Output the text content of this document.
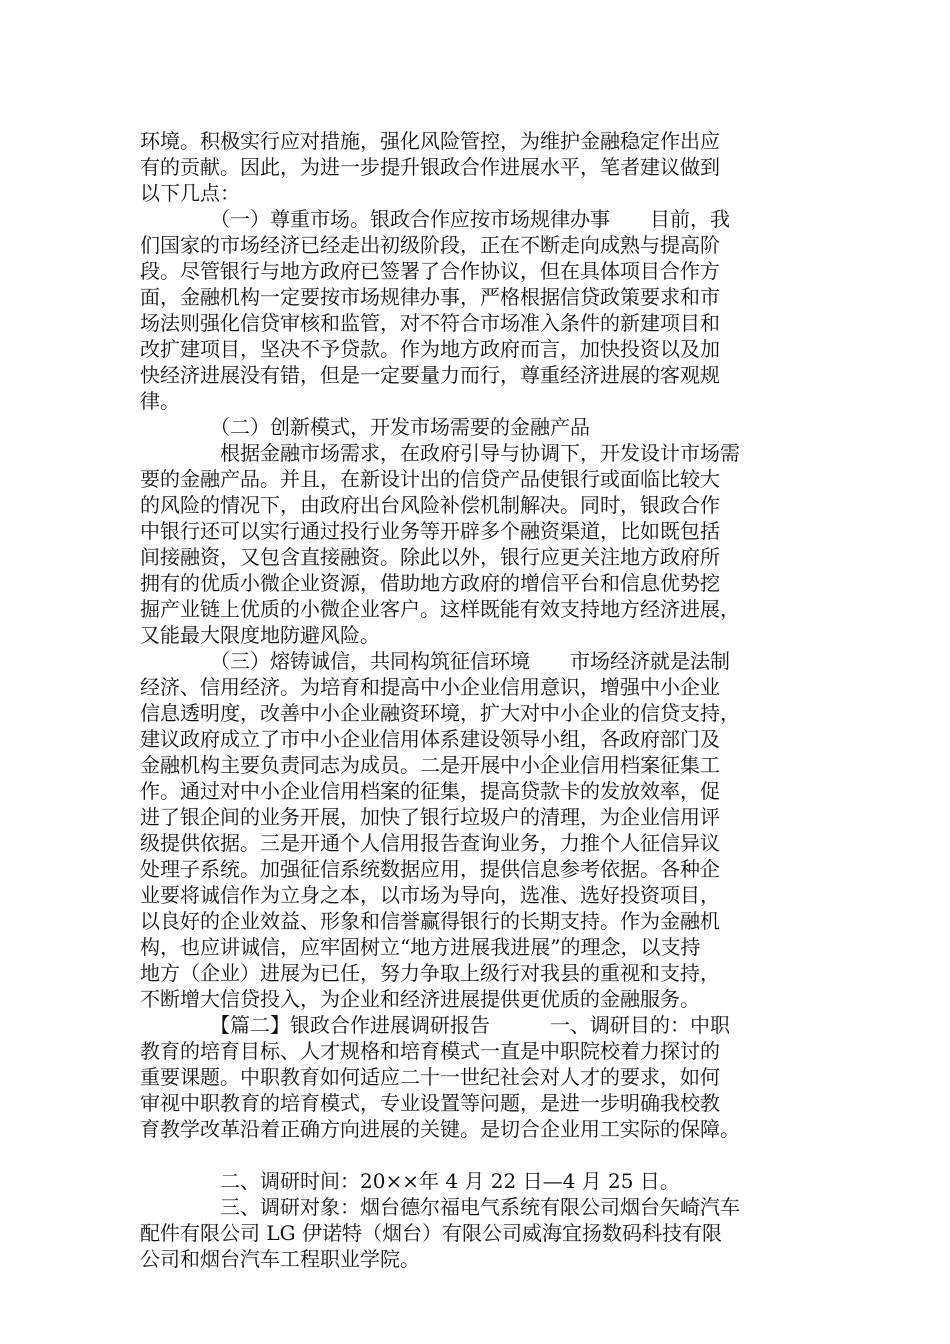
环境。积极实行应对措施，强化风险管控，为维护金融稳定作出应
有的贡献。因此，为进一步提升银政合作进展水平，笔者建议做到
以下几点：
　　　　（一）尊重市场。银政合作应按市场规律办事　　目前，我
们国家的市场经济已经走出初级阶段，正在不断走向成熟与提高阶
段。尽管银行与地方政府已签署了合作协议，但在具体项目合作方
面，金融机构一定要按市场规律办事，严格根据信贷政策要求和市
场法则强化信贷审核和监管，对不符合市场准入条件的新建项目和
改扩建项目，坚决不予贷款。作为地方政府而言，加快投资以及加
快经济进展没有错，但是一定要量力而行，尊重经济进展的客观规
律。
　　　　（二）创新模式，开发市场需要的金融产品
　　　　根据金融市场需求，在政府引导与协调下，开发设计市场需
要的金融产品。并且，在新设计出的信贷产品使银行或面临比较大
的风险的情况下，由政府出台风险补偿机制解决。同时，银政合作
中银行还可以实行通过投行业务等开辟多个融资渠道，比如既包括
间接融资，又包含直接融资。除此以外，银行应更关注地方政府所
拥有的优质小微企业资源，借助地方政府的增信平台和信息优势挖
掘产业链上优质的小微企业客户。这样既能有效支持地方经济进展，
又能最大限度地防避风险。
　　　　（三）熔铸诚信，共同构筑征信环境　　市场经济就是法制
经济、信用经济。为培育和提高中小企业信用意识，增强中小企业
信息透明度，改善中小企业融资环境，扩大对中小企业的信贷支持，
建议政府成立了市中小企业信用体系建设领导小组，各政府部门及
金融机构主要负责同志为成员。二是开展中小企业信用档案征集工
作。通过对中小企业信用档案的征集，提高贷款卡的发放效率，促
进了银企间的业务开展，加快了银行垃圾户的清理，为企业信用评
级提供依据。三是开通个人信用报告查询业务，力推个人征信异议
处理子系统。加强征信系统数据应用，提供信息参考依据。各种企
业要将诚信作为立身之本，以市场为导向，选准、选好投资项目，
以良好的企业效益、形象和信誉赢得银行的长期支持。作为金融机
构，也应讲诚信，应牢固树立“地方进展我进展”的理念，以支持
地方（企业）进展为已任，努力争取上级行对我县的重视和支持，
不断增大信贷投入，为企业和经济进展提供更优质的金融服务。
　　　　【篇二】银政合作进展调研报告　　　一、调研目的：中职
教育的培育目标、人才规格和培育模式一直是中职院校着力探讨的
重要课题。中职教育如何适应二十一世纪社会对人才的要求，如何
审视中职教育的培育模式，专业设置等问题，是进一步明确我校教
育教学改革沿着正确方向进展的关键。是切合企业用工实际的保障。
　　　　二、调研时间：20××年 4 月 22 日—4 月 25 日。
　　　　三、调研对象：烟台德尔福电气系统有限公司烟台矢崎汽车
配件有限公司 LG 伊诺特（烟台）有限公司威海宜扬数码科技有限
公司和烟台汽车工程职业学院。
